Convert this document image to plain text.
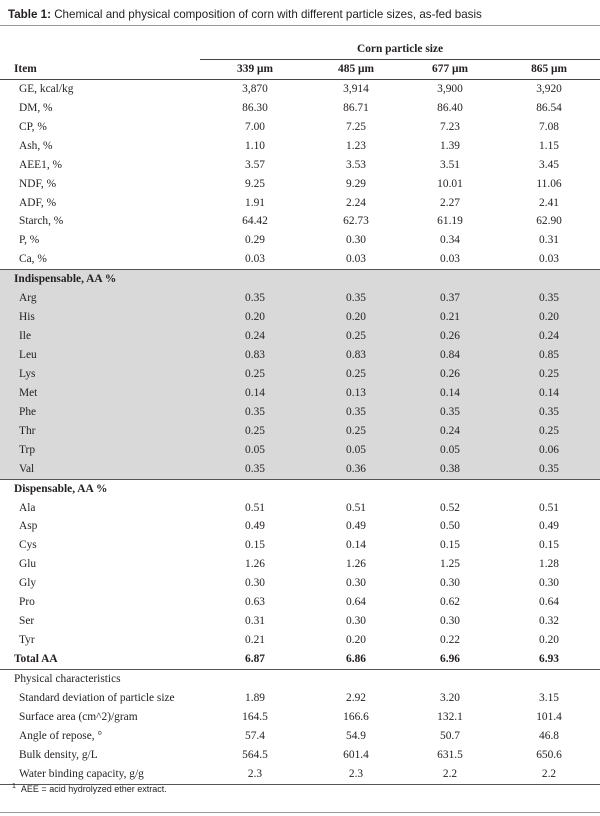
Table 1: Chemical and physical composition of corn with different particle sizes, as-fed basis
	Corn particle size			
Item	339 μm	485 μm	677 μm	865 μm
GE, kcal/kg	3,870	3,914	3,900	3,920
DM, %	86.30	86.71	86.40	86.54
CP, %	7.00	7.25	7.23	7.08
Ash, %	1.10	1.23	1.39	1.15
AEE1, %	3.57	3.53	3.51	3.45
NDF, %	9.25	9.29	10.01	11.06
ADF, %	1.91	2.24	2.27	2.41
Starch, %	64.42	62.73	61.19	62.90
P, %	0.29	0.30	0.34	0.31
Ca, %	0.03	0.03	0.03	0.03
Indispensable, AA %				
Arg	0.35	0.35	0.37	0.35
His	0.20	0.20	0.21	0.20
Ile	0.24	0.25	0.26	0.24
Leu	0.83	0.83	0.84	0.85
Lys	0.25	0.25	0.26	0.25
Met	0.14	0.13	0.14	0.14
Phe	0.35	0.35	0.35	0.35
Thr	0.25	0.25	0.24	0.25
Trp	0.05	0.05	0.05	0.06
Val	0.35	0.36	0.38	0.35
Dispensable, AA %				
Ala	0.51	0.51	0.52	0.51
Asp	0.49	0.49	0.50	0.49
Cys	0.15	0.14	0.15	0.15
Glu	1.26	1.26	1.25	1.28
Gly	0.30	0.30	0.30	0.30
Pro	0.63	0.64	0.62	0.64
Ser	0.31	0.30	0.30	0.32
Tyr	0.21	0.20	0.22	0.20
Total AA	6.87	6.86	6.96	6.93
Physical characteristics				
Standard deviation of particle size	1.89	2.92	3.20	3.15
Surface area (cm^2)/gram	164.5	166.6	132.1	101.4
Angle of repose, °	57.4	54.9	50.7	46.8
Bulk density, g/L	564.5	601.4	631.5	650.6
Water binding capacity, g/g	2.3	2.3	2.2	2.2
$^1$ AEE = acid hydrolyzed ether extract.
